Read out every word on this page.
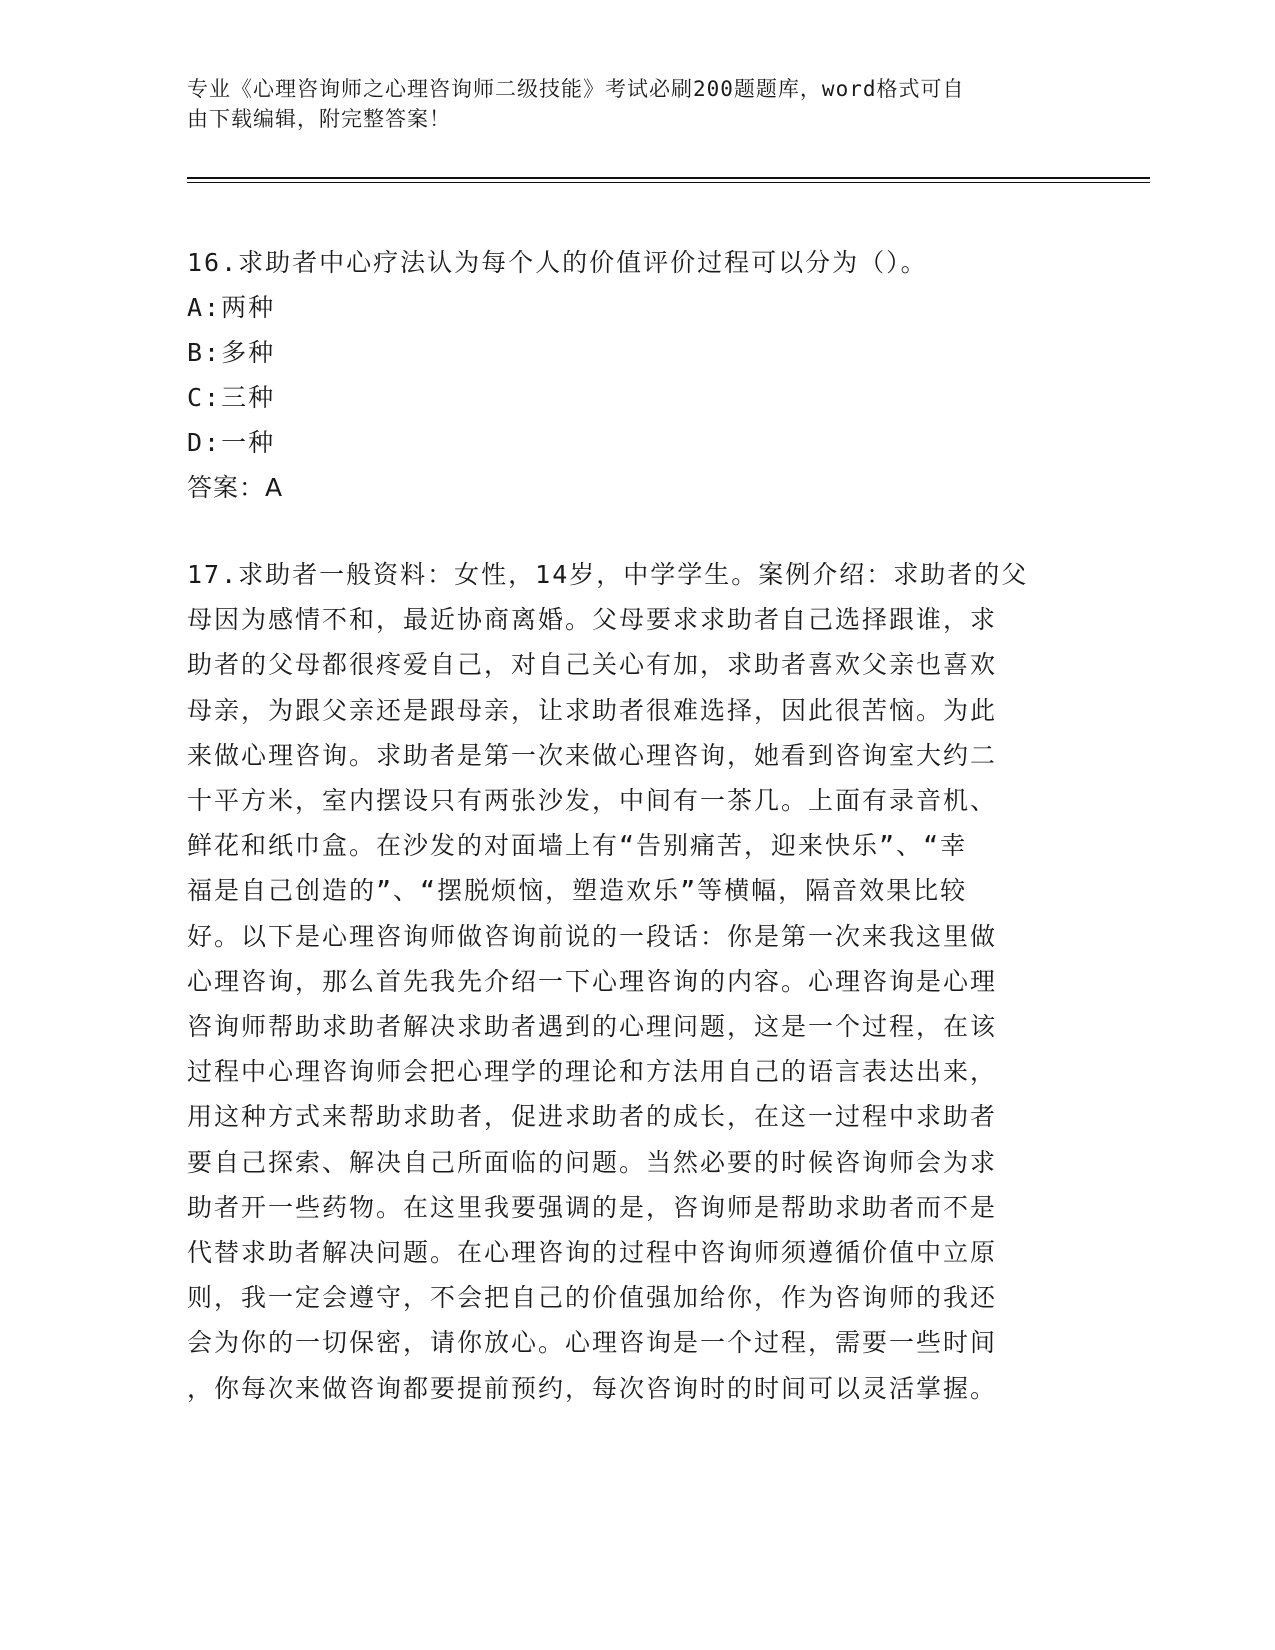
专业《心理咨询师之心理咨询师二级技能》考试必刷200题题库，word格式可自
由下载编辑，附完整答案！
16.求助者中心疗法认为每个人的价值评价过程可以分为（）。
A:两种
B:多种
C:三种
D:一种
答案：A
17.求助者一般资料：女性，14岁，中学学生。案例介绍：求助者的父
母因为感情不和，最近协商离婚。父母要求求助者自己选择跟谁，求
助者的父母都很疼爱自己，对自己关心有加，求助者喜欢父亲也喜欢
母亲，为跟父亲还是跟母亲，让求助者很难选择，因此很苦恼。为此
来做心理咨询。求助者是第一次来做心理咨询，她看到咨询室大约二
十平方米，室内摆设只有两张沙发，中间有一茶几。上面有录音机、
鲜花和纸巾盒。在沙发的对面墙上有“告别痛苦，迎来快乐”、“幸
福是自己创造的”、“摆脱烦恼，塑造欢乐”等横幅，隔音效果比较
好。以下是心理咨询师做咨询前说的一段话：你是第一次来我这里做
心理咨询，那么首先我先介绍一下心理咨询的内容。心理咨询是心理
咨询师帮助求助者解决求助者遇到的心理问题，这是一个过程，在该
过程中心理咨询师会把心理学的理论和方法用自己的语言表达出来，
用这种方式来帮助求助者，促进求助者的成长，在这一过程中求助者
要自己探索、解决自己所面临的问题。当然必要的时候咨询师会为求
助者开一些药物。在这里我要强调的是，咨询师是帮助求助者而不是
代替求助者解决问题。在心理咨询的过程中咨询师须遵循价值中立原
则，我一定会遵守，不会把自己的价值强加给你，作为咨询师的我还
会为你的一切保密，请你放心。心理咨询是一个过程，需要一些时间
，你每次来做咨询都要提前预约，每次咨询时的时间可以灵活掌握。
